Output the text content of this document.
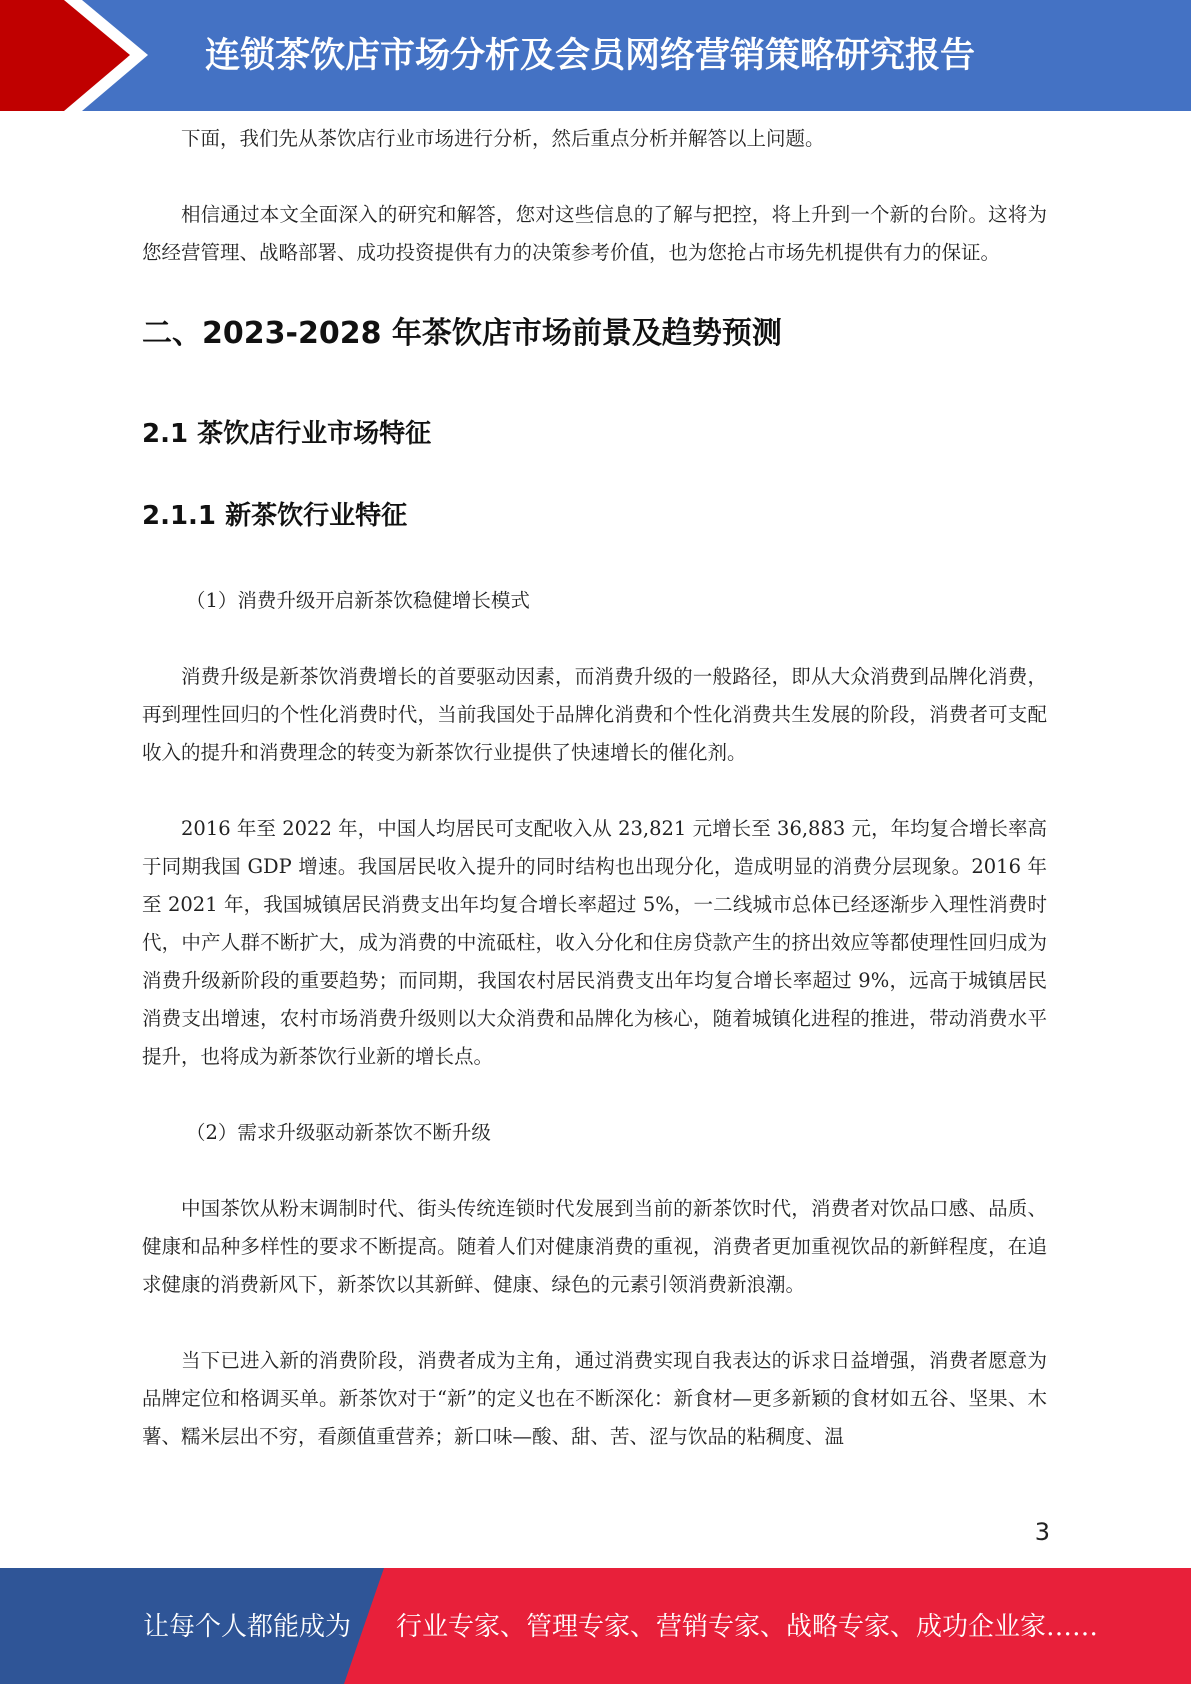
连锁茶饮店市场分析及会员网络营销策略研究报告

下面，我们先从茶饮店行业市场进行分析，然后重点分析并解答以上问题。

相信通过本文全面深入的研究和解答，您对这些信息的了解与把控，将上升到一个新的台阶。这将为您经营管理、战略部署、成功投资提供有力的决策参考价值，也为您抢占市场先机提供有力的保证。

二、2023-2028 年茶饮店市场前景及趋势预测
2.1 茶饮店行业市场特征
2.1.1 新茶饮行业特征

（1）消费升级开启新茶饮稳健增长模式

消费升级是新茶饮消费增长的首要驱动因素，而消费升级的一般路径，即从大众消费到品牌化消费，再到理性回归的个性化消费时代，当前我国处于品牌化消费和个性化消费共生发展的阶段，消费者可支配收入的提升和消费理念的转变为新茶饮行业提供了快速增长的催化剂。

2016 年至 2022 年，中国人均居民可支配收入从 23,821 元增长至 36,883 元，年均复合增长率高于同期我国 GDP 增速。我国居民收入提升的同时结构也出现分化，造成明显的消费分层现象。2016 年至 2021 年，我国城镇居民消费支出年均复合增长率超过 5%，一二线城市总体已经逐渐步入理性消费时代，中产人群不断扩大，成为消费的中流砥柱，收入分化和住房贷款产生的挤出效应等都使理性回归成为消费升级新阶段的重要趋势；而同期，我国农村居民消费支出年均复合增长率超过 9%，远高于城镇居民消费支出增速，农村市场消费升级则以大众消费和品牌化为核心，随着城镇化进程的推进，带动消费水平提升，也将成为新茶饮行业新的增长点。

（2）需求升级驱动新茶饮不断升级

中国茶饮从粉末调制时代、街头传统连锁时代发展到当前的新茶饮时代，消费者对饮品口感、品质、健康和品种多样性的要求不断提高。随着人们对健康消费的重视，消费者更加重视饮品的新鲜程度，在追求健康的消费新风下，新茶饮以其新鲜、健康、绿色的元素引领消费新浪潮。

当下已进入新的消费阶段，消费者成为主角，通过消费实现自我表达的诉求日益增强，消费者愿意为品牌定位和格调买单。新茶饮对于“新”的定义也在不断深化：新食材—更多新颖的食材如五谷、坚果、木薯、糯米层出不穷，看颜值重营养；新口味—酸、甜、苦、涩与饮品的粘稠度、温

3
让每个人都能成为 行业专家、管理专家、营销专家、战略专家、成功企业家……
